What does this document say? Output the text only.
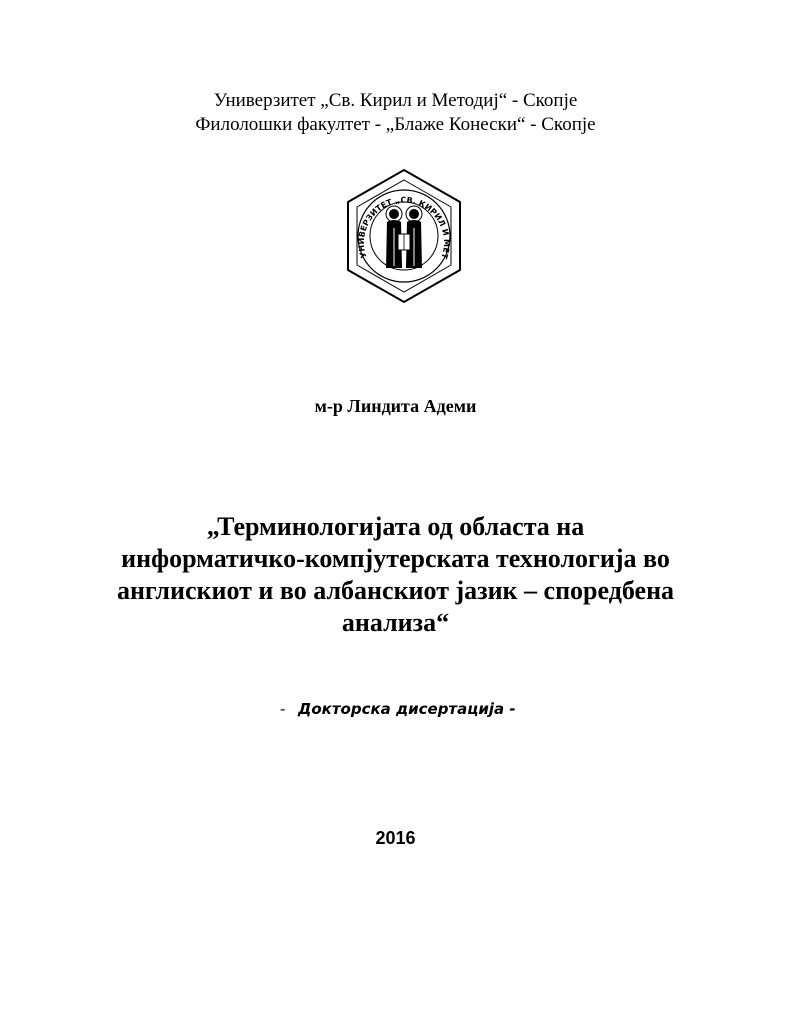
Универзитет „Св. Кирил и Методиј“ - Скопје
Филолошки факултет - „Блаже Конески“ - Скопје
УНИВЕРЗИТЕТ „СВ. КИРИЛ И МЕТ
м-р Линдита Адеми
„Терминологијата од областа на
информатичко-компјутерската технологија во
англискиот и во албанскиот јазик – споредбена
анализа“
- Докторска дисертација -
2016
